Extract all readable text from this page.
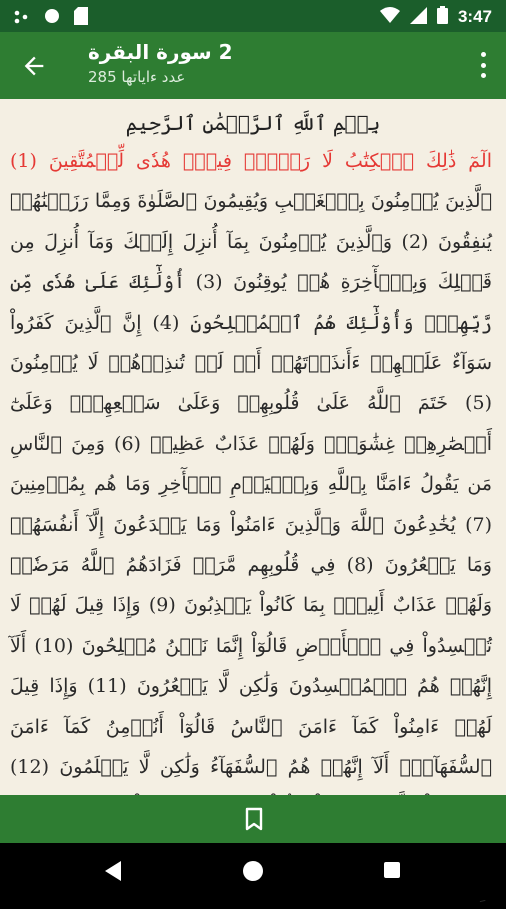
3:47
2 سورة البقرة
عدد ءاياتها 285
بِسۡمِ ٱللَّهِ ٱلرَّحۡمَٰنِ ٱلرَّحِيمِ
الٓمٓ ذَٰلِكَ ٱلۡكِتَٰبُ لَا رَيۡبَۛ فِيهِۛ هُدٗى لِّلۡمُتَّقِينَ (1) ٱلَّذِينَ يُؤۡمِنُونَ بِٱلۡغَيۡبِ وَيُقِيمُونَ ٱلصَّلَوٰةَ وَمِمَّا رَزَقۡنَٰهُمۡ يُنفِقُونَ (2) وَٱلَّذِينَ يُؤۡمِنُونَ بِمَآ أُنزِلَ إِلَيۡكَ وَمَآ أُنزِلَ مِن قَبۡلِكَ وَبِٱلۡأٓخِرَةِ هُمۡ يُوقِنُونَ (3) أُوْلَٰٓئِكَ عَلَىٰ هُدٗى مِّن رَّبِّهِمۡۖ وَأُوْلَٰٓئِكَ هُمُ ٱلۡمُفۡلِحُونَ (4) إِنَّ ٱلَّذِينَ كَفَرُواْ سَوَآءٌ عَلَيۡهِمۡ ءَأَنذَرۡتَهُمۡ أَمۡ لَمۡ تُنذِرۡهُمۡ لَا يُؤۡمِنُونَ (5) خَتَمَ ٱللَّهُ عَلَىٰ قُلُوبِهِمۡ وَعَلَىٰ سَمۡعِهِمۡۖ وَعَلَىٰٓ أَبۡصَٰرِهِمۡ غِشَٰوَةٞۖ وَلَهُمۡ عَذَابٌ عَظِيمٞ (6) وَمِنَ ٱلنَّاسِ مَن يَقُولُ ءَامَنَّا بِٱللَّهِ وَبِٱلۡيَوۡمِ ٱلۡأٓخِرِ وَمَا هُم بِمُؤۡمِنِينَ (7) يُخَٰدِعُونَ ٱللَّهَ وَٱلَّذِينَ ءَامَنُواْ وَمَا يَخۡدَعُونَ إِلَّآ أَنفُسَهُمۡ وَمَا يَشۡعُرُونَ (8) فِي قُلُوبِهِم مَّرَضٞ فَزَادَهُمُ ٱللَّهُ مَرَضٗاۖ وَلَهُمۡ عَذَابٌ أَلِيمُۢ بِمَا كَانُواْ يَكۡذِبُونَ (9) وَإِذَا قِيلَ لَهُمۡ لَا تُفۡسِدُواْ فِي ٱلۡأَرۡضِ قَالُوٓاْ إِنَّمَا نَحۡنُ مُصۡلِحُونَ (10) أَلَآ إِنَّهُمۡ هُمُ ٱلۡمُفۡسِدُونَ وَلَٰكِن لَّا يَشۡعُرُونَ (11) وَإِذَا قِيلَ لَهُمۡ ءَامِنُواْ كَمَآ ءَامَنَ ٱلنَّاسُ قَالُوٓاْ أَنُؤۡمِنُ كَمَآ ءَامَنَ ٱلسُّفَهَآءُۗ أَلَآ إِنَّهُمۡ هُمُ ٱلسُّفَهَآءُ وَلَٰكِن لَّا يَعۡلَمُونَ (12)
